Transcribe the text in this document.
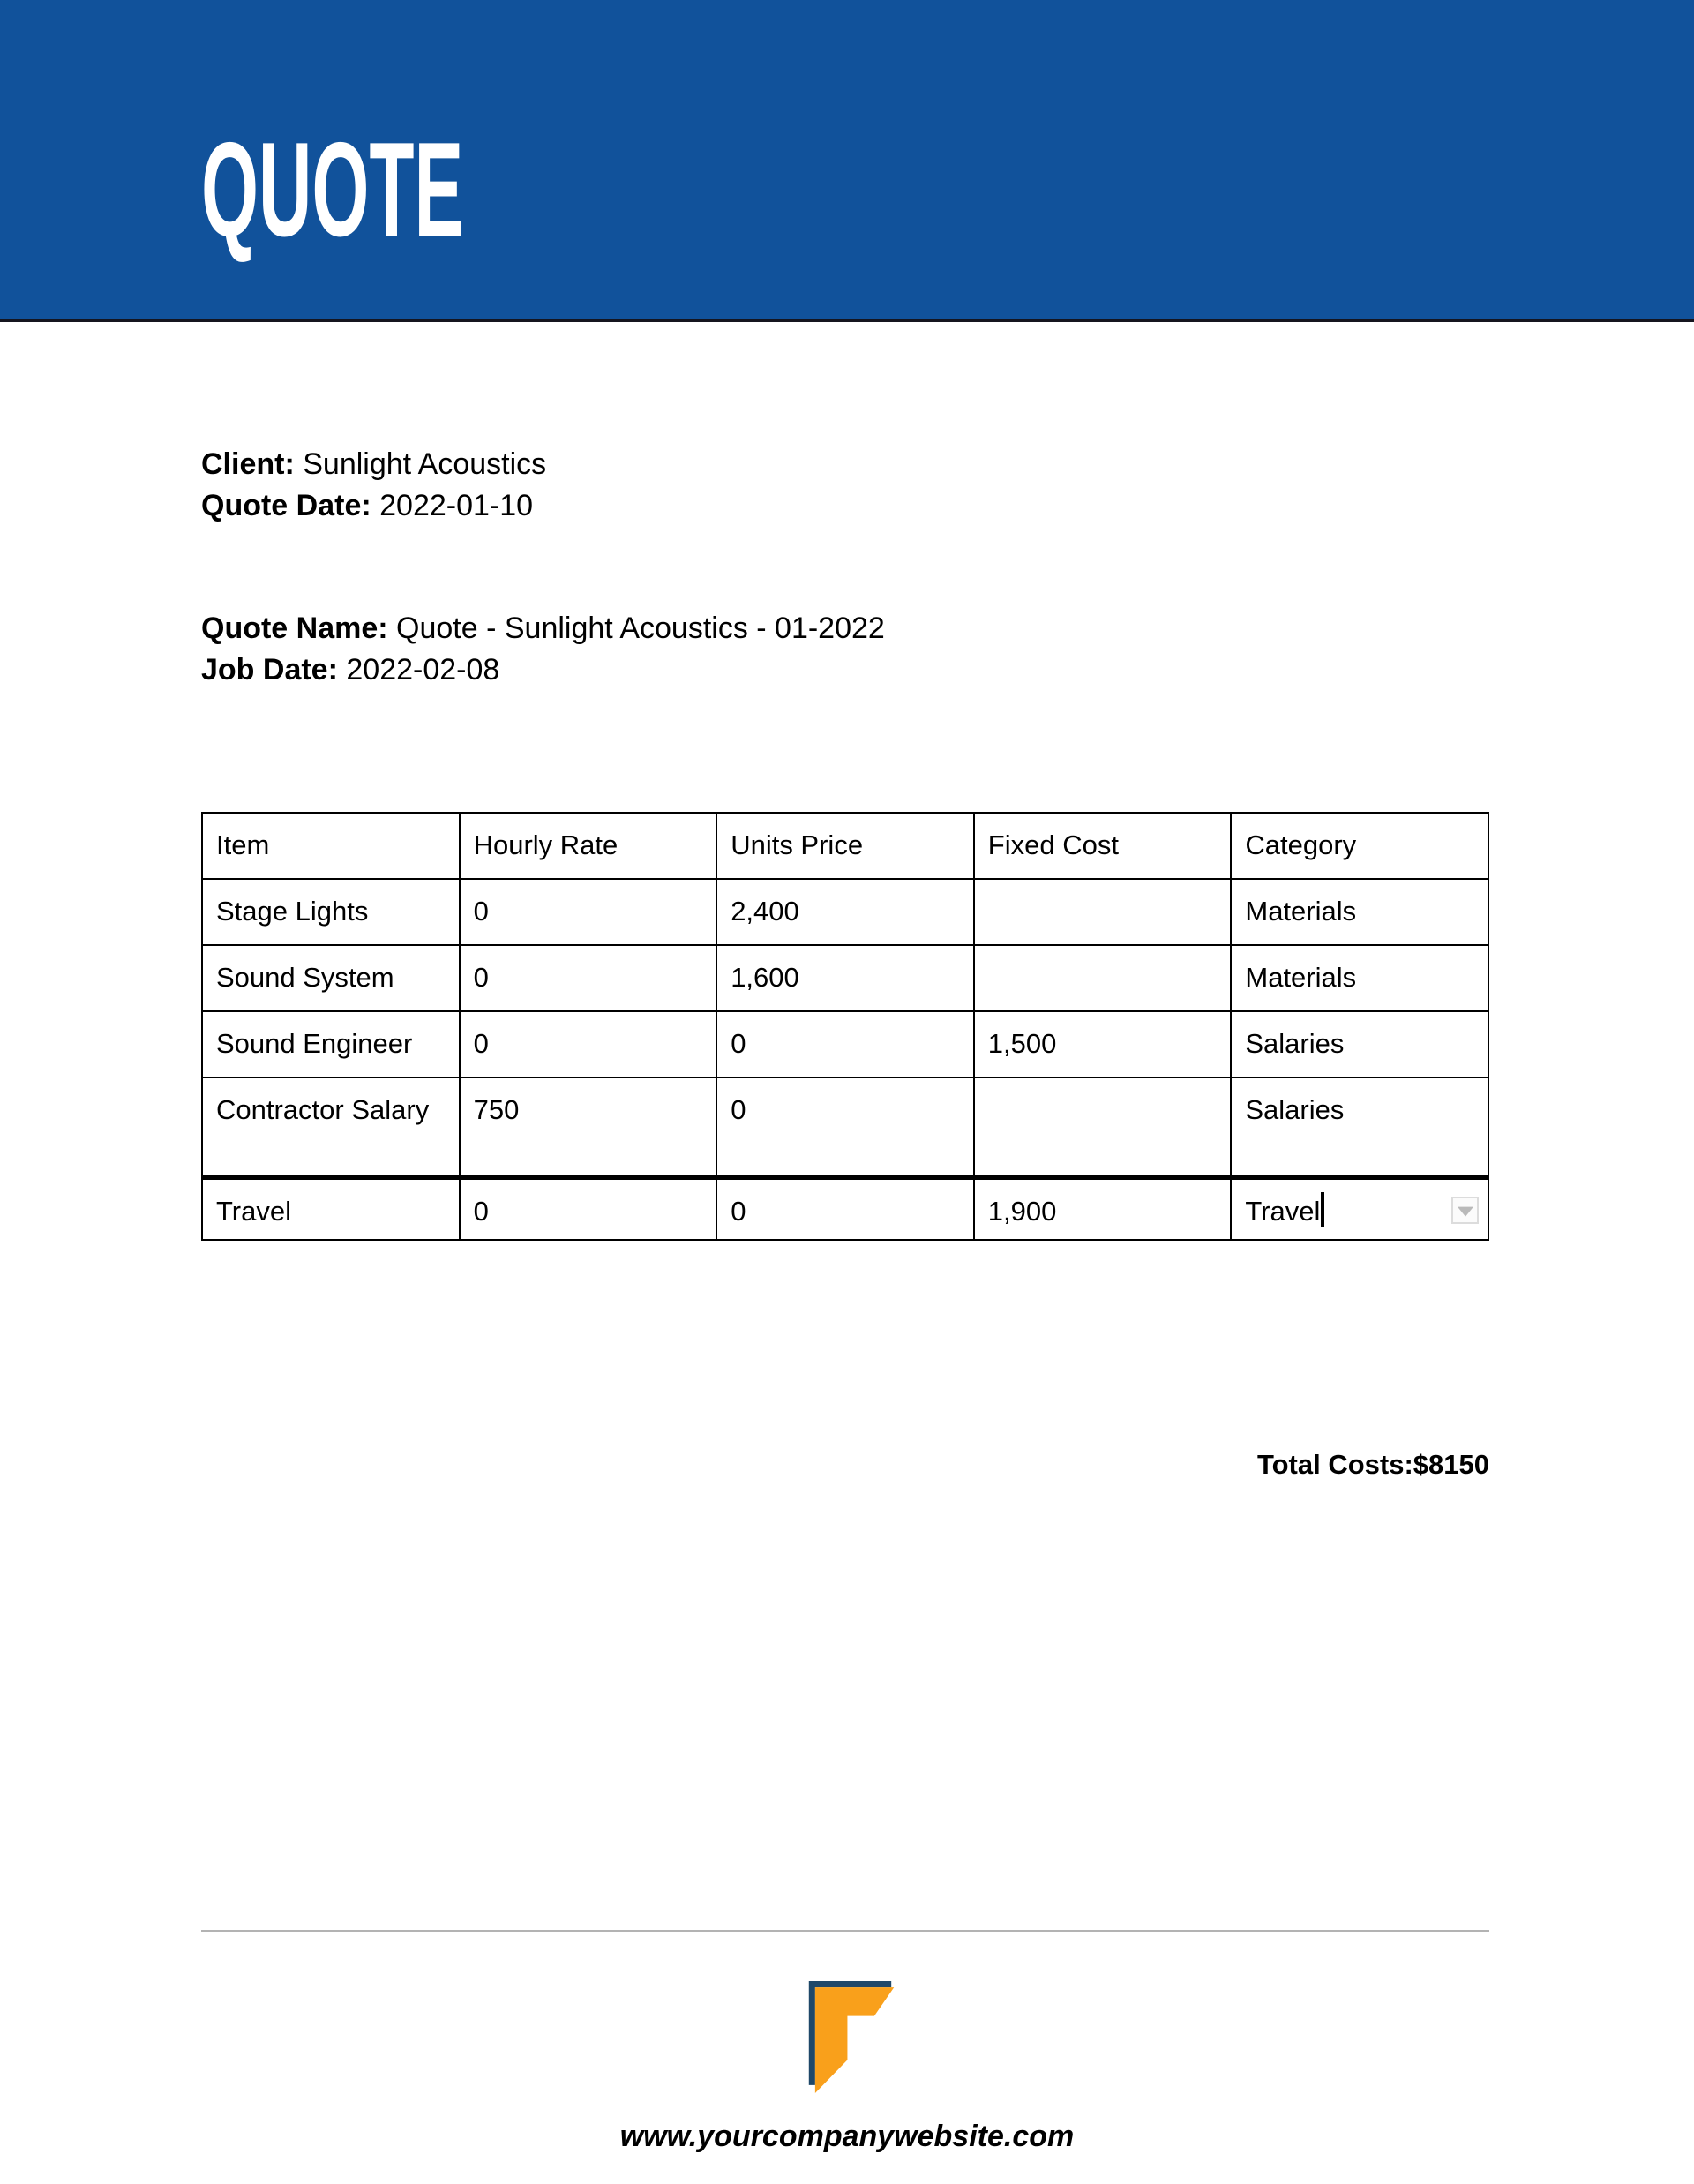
QUOTE
Client: Sunlight Acoustics
Quote Date: 2022-01-10
Quote Name: Quote - Sunlight Acoustics - 01-2022
Job Date: 2022-02-08
Item	Hourly Rate	Units Price	Fixed Cost	Category

Stage Lights	0	2,400		Materials

Sound System	0	1,600		Materials

Sound Engineer	0	0	1,500	Salaries

Contractor Salary	750	0		Salaries

Travel	0	0	1,900	Travel
Total Costs:$8150
www.yourcompanywebsite.com
